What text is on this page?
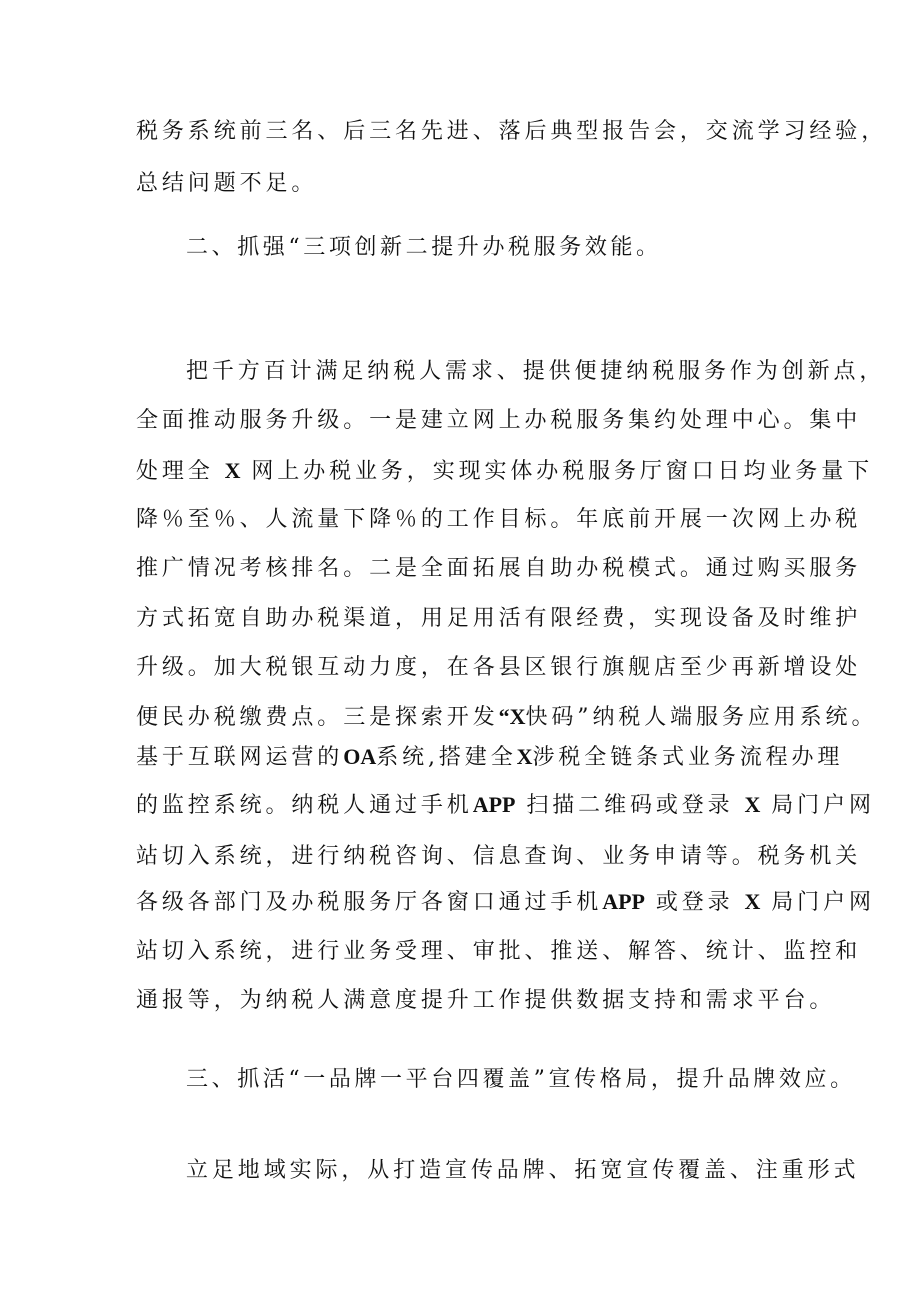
税务系统前三名、后三名先进、落后典型报告会，交流学习经验，
总结问题不足。
二、抓强“三项创新二提升办税服务效能。
把千方百计满足纳税人需求、提供便捷纳税服务作为创新点，
全面推动服务升级。一是建立网上办税服务集约处理中心。集中
处理全 X 网上办税业务，实现实体办税服务厅窗口日均业务量下
降％至％、人流量下降％的工作目标。年底前开展一次网上办税
推广情况考核排名。二是全面拓展自助办税模式。通过购买服务
方式拓宽自助办税渠道，用足用活有限经费，实现设备及时维护
升级。加大税银互动力度，在各县区银行旗舰店至少再新增设处
便民办税缴费点。三是探索开发“X快码”纳税人端服务应用系统。
基于互联网运营的OA系统,搭建全X涉税全链条式业务流程办理
的监控系统。纳税人通过手机APP 扫描二维码或登录 X 局门户网
站切入系统，进行纳税咨询、信息查询、业务申请等。税务机关
各级各部门及办税服务厅各窗口通过手机APP 或登录 X 局门户网
站切入系统，进行业务受理、审批、推送、解答、统计、监控和
通报等，为纳税人满意度提升工作提供数据支持和需求平台。
三、抓活“一品牌一平台四覆盖”宣传格局，提升品牌效应。
立足地域实际，从打造宣传品牌、拓宽宣传覆盖、注重形式
